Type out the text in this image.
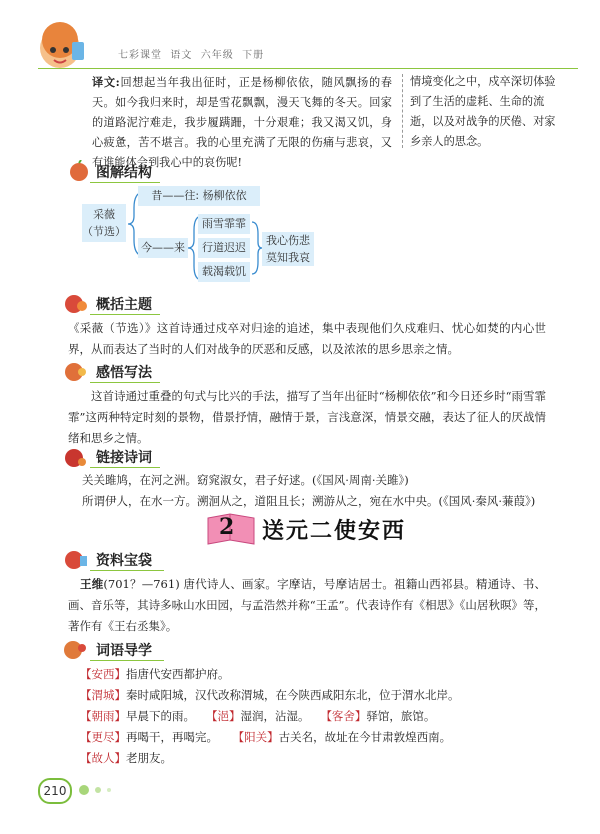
七彩课堂 语文 六年级 下册
译文:回想起当年我出征时，正是杨柳依依，随风飘扬的春天。如今我归来时，却是雪花飘飘，漫天飞舞的冬天。回家的道路泥泞难走，我步履蹒跚，十分艰难；我又渴又饥，身心疲惫，苦不堪言。我的心里充满了无限的伤痛与悲哀，又有谁能体会到我心中的哀伤呢!
情境变化之中，戍卒深切体验到了生活的虚耗、生命的流逝，以及对战争的厌倦、对家乡亲人的思念。
图解结构
采薇
（节选）
昔——往: 杨柳依依
今——来
雨雪霏霏
行道迟迟
载渴载饥
我心伤悲
莫知我哀
概括主题
《采薇（节选）》这首诗通过戍卒对归途的追述，集中表现他们久戍难归、忧心如焚的内心世界，从而表达了当时的人们对战争的厌恶和反感，以及浓浓的思乡思亲之情。
感悟写法
这首诗通过重叠的句式与比兴的手法，描写了当年出征时“杨柳依依”和今日还乡时“雨雪霏霏”这两种特定时刻的景物，借景抒情，融情于景，言浅意深，情景交融，表达了征人的厌战情绪和思乡之情。
链接诗词
关关雎鸠，在河之洲。窈窕淑女，君子好逑。(《国风·周南·关雎》)
所谓伊人，在水一方。溯洄从之，道阻且长；溯游从之，宛在水中央。(《国风·秦风·蒹葭》)
2 送元二使安西
资料宝袋
王维(701？—761) 唐代诗人、画家。字摩诘，号摩诘居士。祖籍山西祁县。精通诗、书、画、音乐等，其诗多咏山水田园，与孟浩然并称“王孟”。代表诗作有《相思》《山居秋暝》等，著作有《王右丞集》。
词语导学
【安西】指唐代安西都护府。
【渭城】秦时咸阳城，汉代改称渭城，在今陕西咸阳东北，位于渭水北岸。
【朝雨】早晨下的雨。 【浥】湿润，沾湿。 【客舍】驿馆，旅馆。
【更尽】再喝干，再喝完。 【阳关】古关名，故址在今甘肃敦煌西南。
【故人】老朋友。
210
